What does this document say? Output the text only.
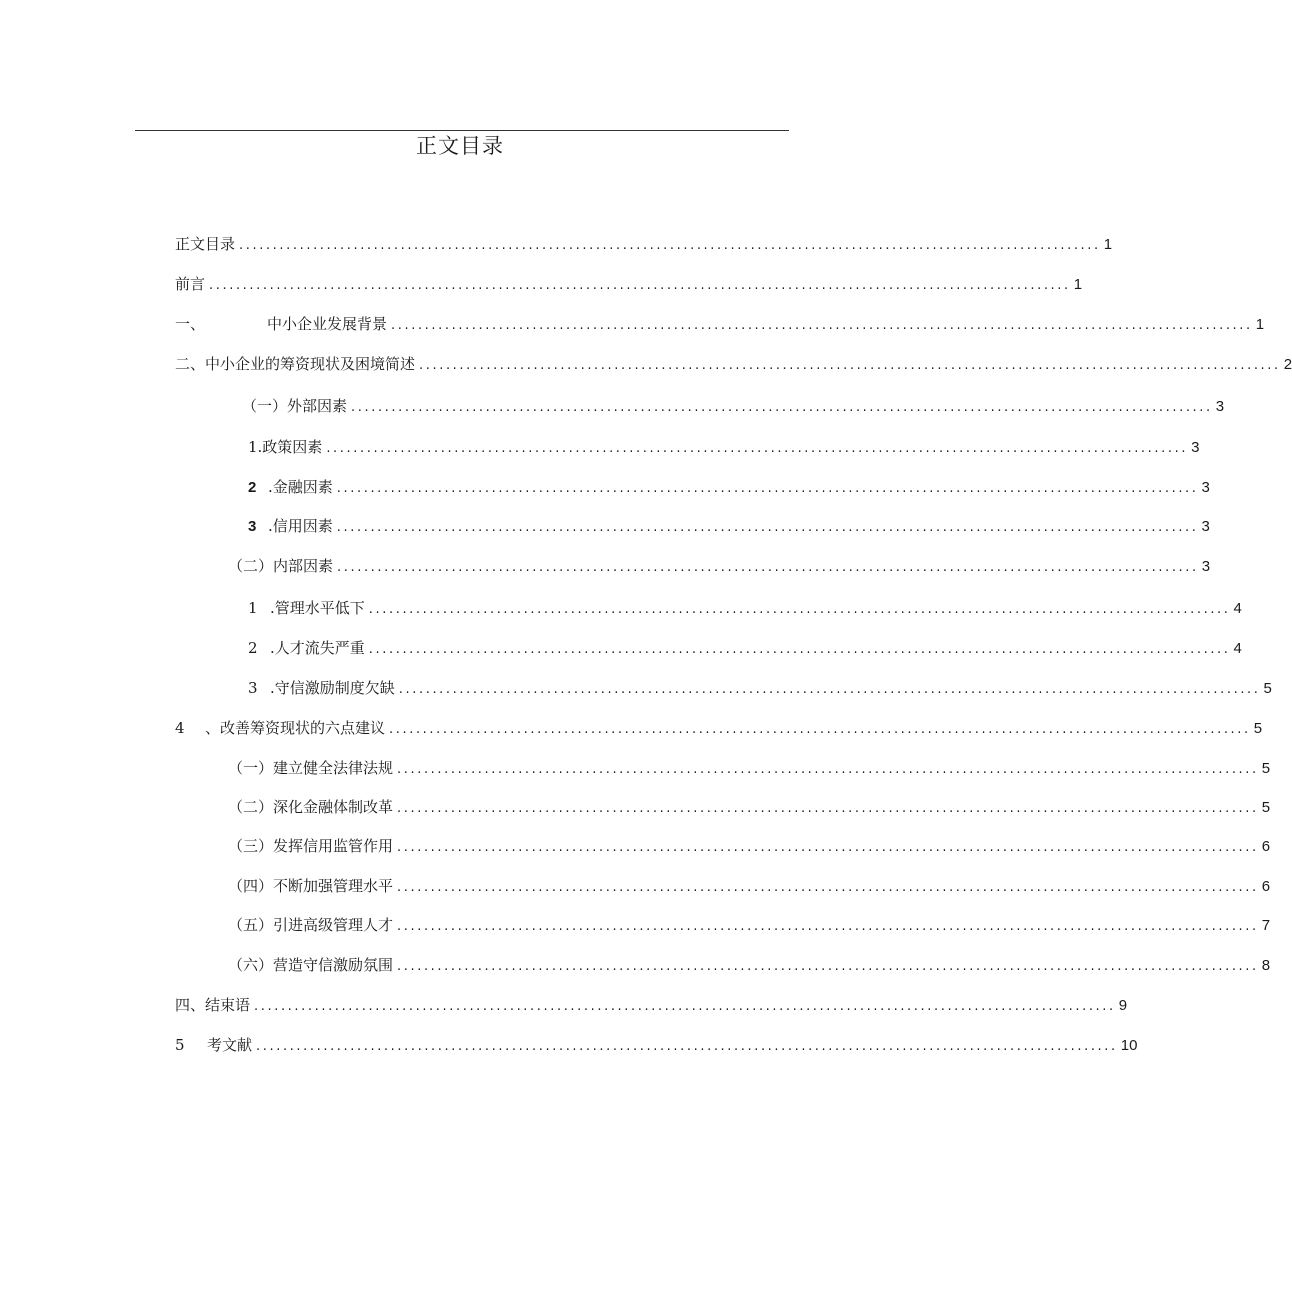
正文目录
正文目录 ................................................................................................................................ 1
前言 ................................................................................................................................ 1
一、	中小企业发展背景 ................................................................................................................................ 1
二、中小企业的筹资现状及困境简述 ................................................................................................................................ 2
（一）外部因素 ................................................................................................................................ 3
1.政策因素 ................................................................................................................................ 3
2 .金融因素 ................................................................................................................................ 3
3 .信用因素 ................................................................................................................................ 3
（二）内部因素 ................................................................................................................................ 3
1 .管理水平低下 ................................................................................................................................ 4
2 .人才流失严重 ................................................................................................................................ 4
3 .守信激励制度欠缺 ................................................................................................................................ 5
4	、改善筹资现状的六点建议 ................................................................................................................................ 5
（一）建立健全法律法规 ................................................................................................................................ 5
（二）深化金融体制改革 ................................................................................................................................ 5
（三）发挥信用监管作用 ................................................................................................................................ 6
（四）不断加强管理水平 ................................................................................................................................ 6
（五）引进高级管理人才 ................................................................................................................................ 7
（六）营造守信激励氛围 ................................................................................................................................ 8
四、结束语 ................................................................................................................................ 9
5	考文献 ................................................................................................................................ 10
